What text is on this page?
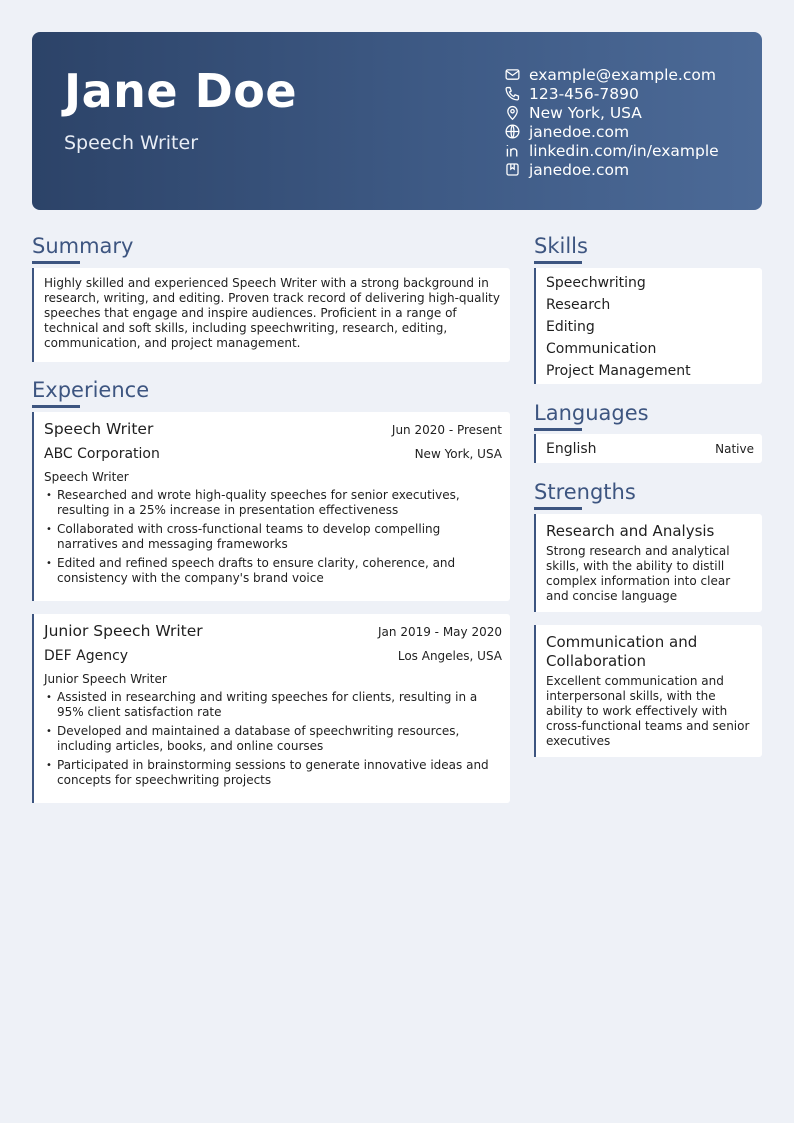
Jane Doe
Speech Writer
example@example.com
123-456-7890
New York, USA
janedoe.com
linkedin.com/in/example
janedoe.com
Summary
Highly skilled and experienced Speech Writer with a strong background in research, writing, and editing. Proven track record of delivering high-quality speeches that engage and inspire audiences. Proficient in a range of technical and soft skills, including speechwriting, research, editing, communication, and project management.
Experience
Speech Writer	Jun 2020 - Present
ABC Corporation	New York, USA
Speech Writer
• Researched and wrote high-quality speeches for senior executives, resulting in a 25% increase in presentation effectiveness
• Collaborated with cross-functional teams to develop compelling narratives and messaging frameworks
• Edited and refined speech drafts to ensure clarity, coherence, and consistency with the company's brand voice
Junior Speech Writer	Jan 2019 - May 2020
DEF Agency	Los Angeles, USA
Junior Speech Writer
• Assisted in researching and writing speeches for clients, resulting in a 95% client satisfaction rate
• Developed and maintained a database of speechwriting resources, including articles, books, and online courses
• Participated in brainstorming sessions to generate innovative ideas and concepts for speechwriting projects
Skills
Speechwriting
Research
Editing
Communication
Project Management
Languages
English	Native
Strengths
Research and Analysis
Strong research and analytical skills, with the ability to distill complex information into clear and concise language
Communication and Collaboration
Excellent communication and interpersonal skills, with the ability to work effectively with cross-functional teams and senior executives
